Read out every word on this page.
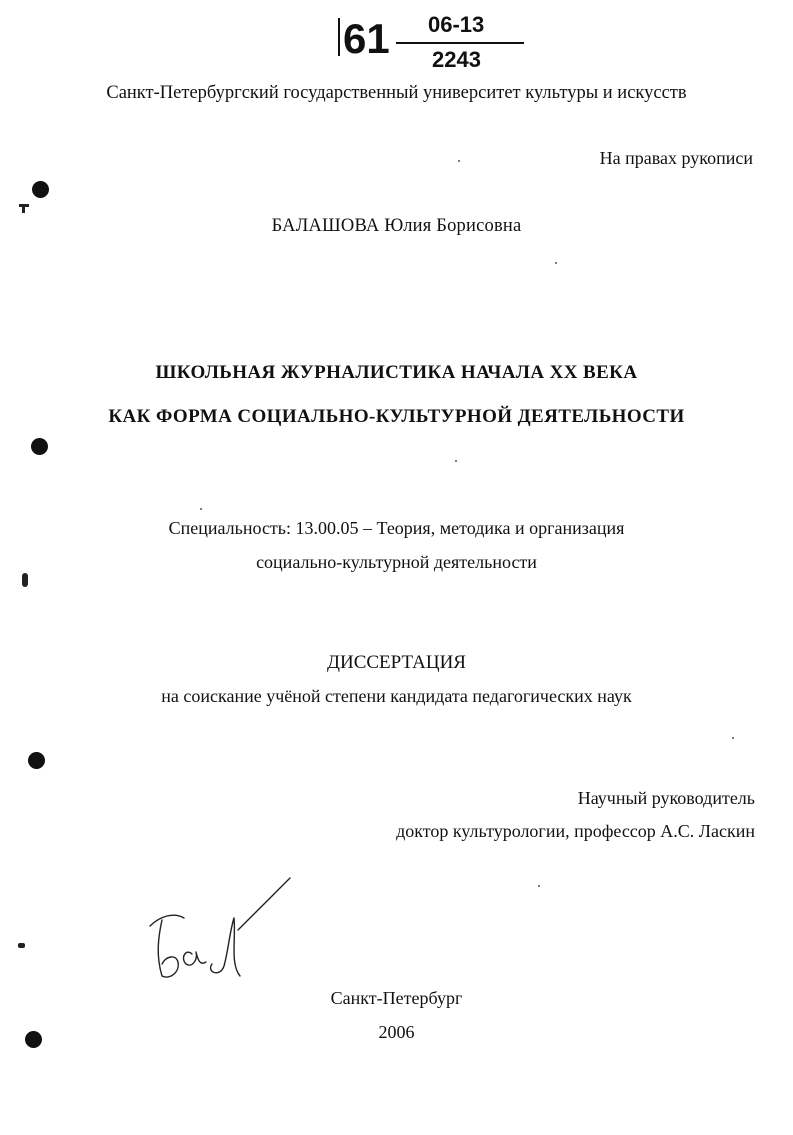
61 06-13
2243
Санкт-Петербургский государственный университет культуры и искусств
На правах рукописи
БАЛАШОВА Юлия Борисовна
ШКОЛЬНАЯ ЖУРНАЛИСТИКА НАЧАЛА XX ВЕКА
КАК ФОРМА СОЦИАЛЬНО-КУЛЬТУРНОЙ ДЕЯТЕЛЬНОСТИ
Специальность: 13.00.05 – Теория, методика и организация
социально-культурной деятельности
ДИССЕРТАЦИЯ
на соискание учёной степени кандидата педагогических наук
Научный руководитель
доктор культурологии, профессор А.С. Ласкин
Санкт-Петербург
2006
